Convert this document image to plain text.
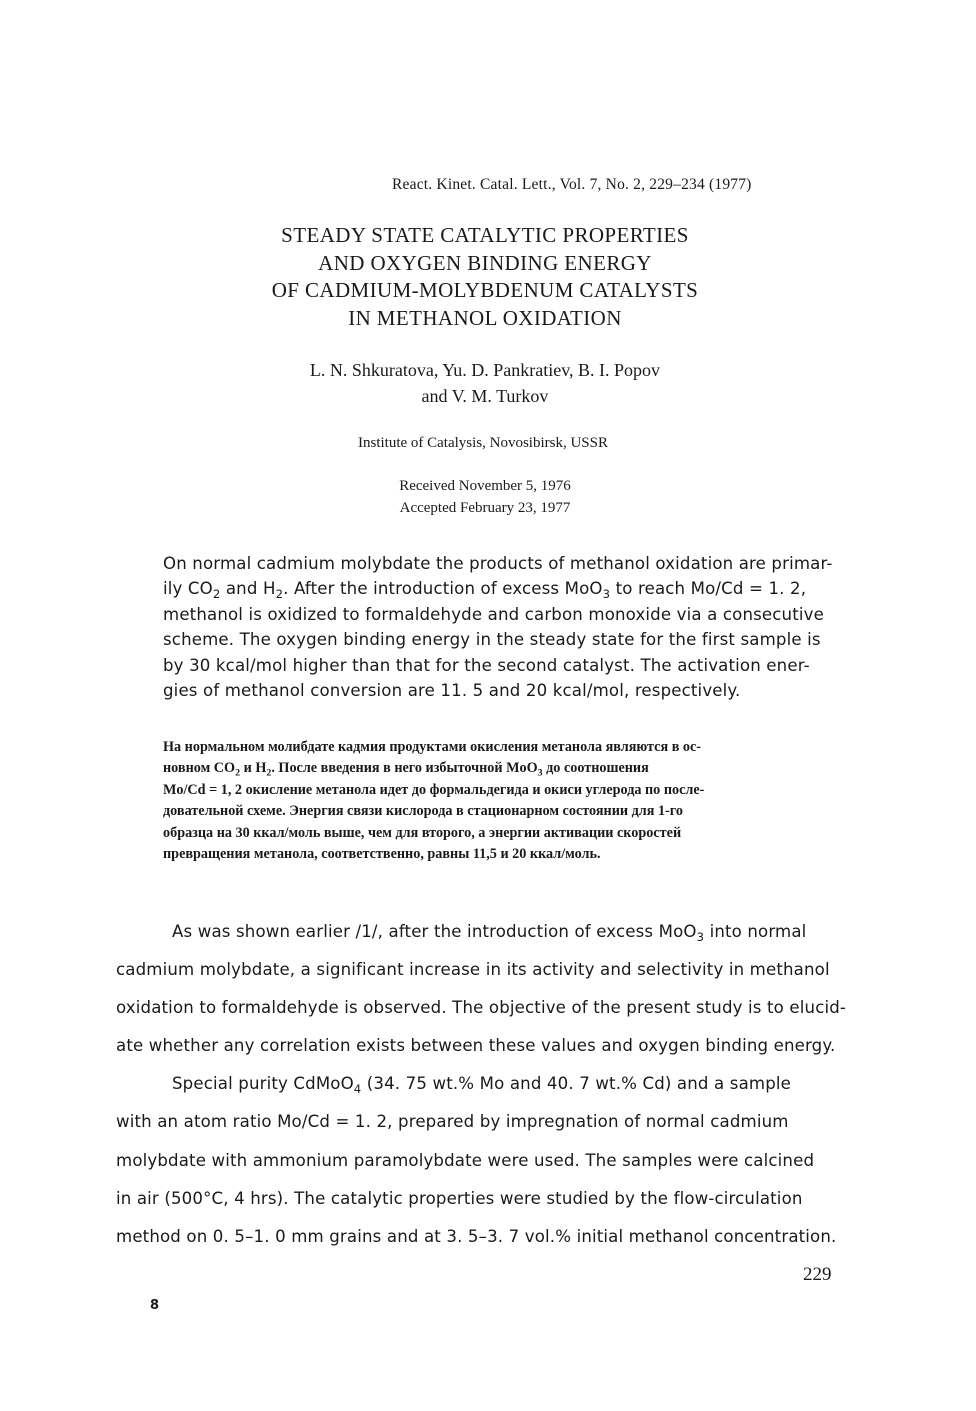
React. Kinet. Catal. Lett., Vol. 7, No. 2, 229–234 (1977)
STEADY STATE CATALYTIC PROPERTIES
AND OXYGEN BINDING ENERGY
OF CADMIUM-MOLYBDENUM CATALYSTS
IN METHANOL OXIDATION
L. N. Shkuratova, Yu. D. Pankratiev, B. I. Popov
and V. M. Turkov
Institute of Catalysis, Novosibirsk, USSR
Received November 5, 1976
Accepted February 23, 1977
On normal cadmium molybdate the products of methanol oxidation are primar-
ily $CO_2$ and $H_2$. After the introduction of excess MoO$_3$ to reach Mo/Cd = 1. 2,
methanol is oxidized to formaldehyde and carbon monoxide via a consecutive
scheme. The oxygen binding energy in the steady state for the first sample is
by 30 kcal/mol higher than that for the second catalyst. The activation ener-
gies of methanol conversion are 11. 5 and 20 kcal/mol, respectively.
На нормальном молибдате кадмия продуктами окисления метанола являются в ос-
новном $CO_2$ и $H_2$. После введения в него избыточной MoO$_3$ до соотношения
Mo/Cd = 1, 2 окисление метанола идет до формальдегида и окиси углерода по после-
довательной схеме. Энергия связи кислорода в стационарном состоянии для 1-го
образца на 30 ккал/моль выше, чем для второго, а энергии активации скоростей
превращения метанола, соответственно, равны 11,5 и 20 ккал/моль.
As was shown earlier /1/, after the introduction of excess MoO$_3$ into normal
cadmium molybdate, a significant increase in its activity and selectivity in methanol
oxidation to formaldehyde is observed. The objective of the present study is to elucid-
ate whether any correlation exists between these values and oxygen binding energy.
Special purity CdMoO$_4$ (34. 75 wt.% Mo and 40. 7 wt.% Cd) and a sample
with an atom ratio Mo/Cd = 1. 2, prepared by impregnation of normal cadmium
molybdate with ammonium paramolybdate were used. The samples were calcined
in air (500°C, 4 hrs). The catalytic properties were studied by the flow-circulation
method on 0. 5–1. 0 mm grains and at 3. 5–3. 7 vol.% initial methanol concentration.
229
8
